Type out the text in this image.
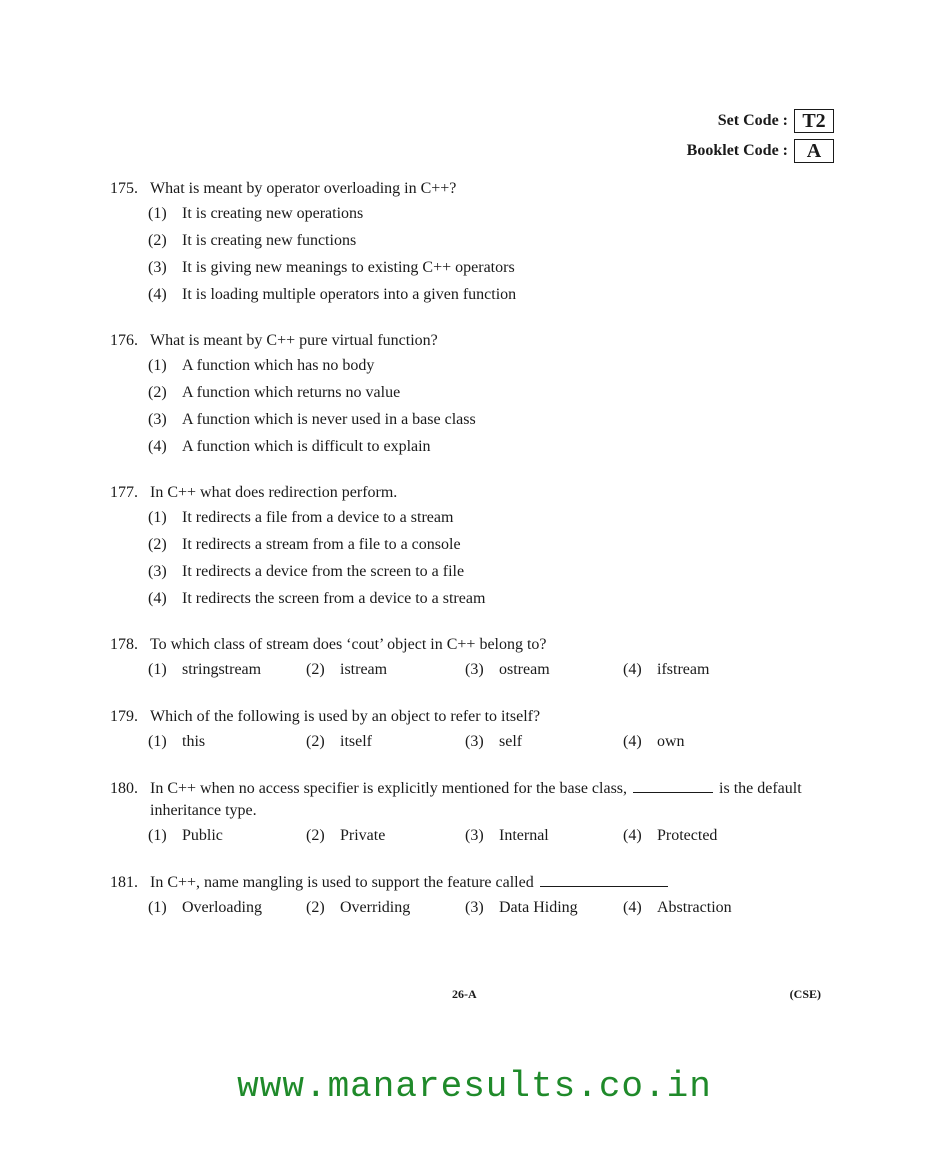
Set Code : T2
Booklet Code : A
175. What is meant by operator overloading in C++?
(1) It is creating new operations
(2) It is creating new functions
(3) It is giving new meanings to existing C++ operators
(4) It is loading multiple operators into a given function
176. What is meant by C++ pure virtual function?
(1) A function which has no body
(2) A function which returns no value
(3) A function which is never used in a base class
(4) A function which is difficult to explain
177. In C++ what does redirection perform.
(1) It redirects a file from a device to a stream
(2) It redirects a stream from a file to a console
(3) It redirects a device from the screen to a file
(4) It redirects the screen from a device to a stream
178. To which class of stream does ‘cout’ object in C++ belong to?
(1) stringstream	(2) istream	(3) ostream	(4) ifstream
179. Which of the following is used by an object to refer to itself?
(1) this	(2) itself	(3) self	(4) own
180. In C++ when no access specifier is explicitly mentioned for the base class,	is the default inheritance type.
(1) Public	(2) Private	(3) Internal	(4) Protected
181. In C++, name mangling is used to support the feature called
(1) Overloading	(2) Overriding	(3) Data Hiding	(4) Abstraction
26-A	(CSE)
www.manaresults.co.in
